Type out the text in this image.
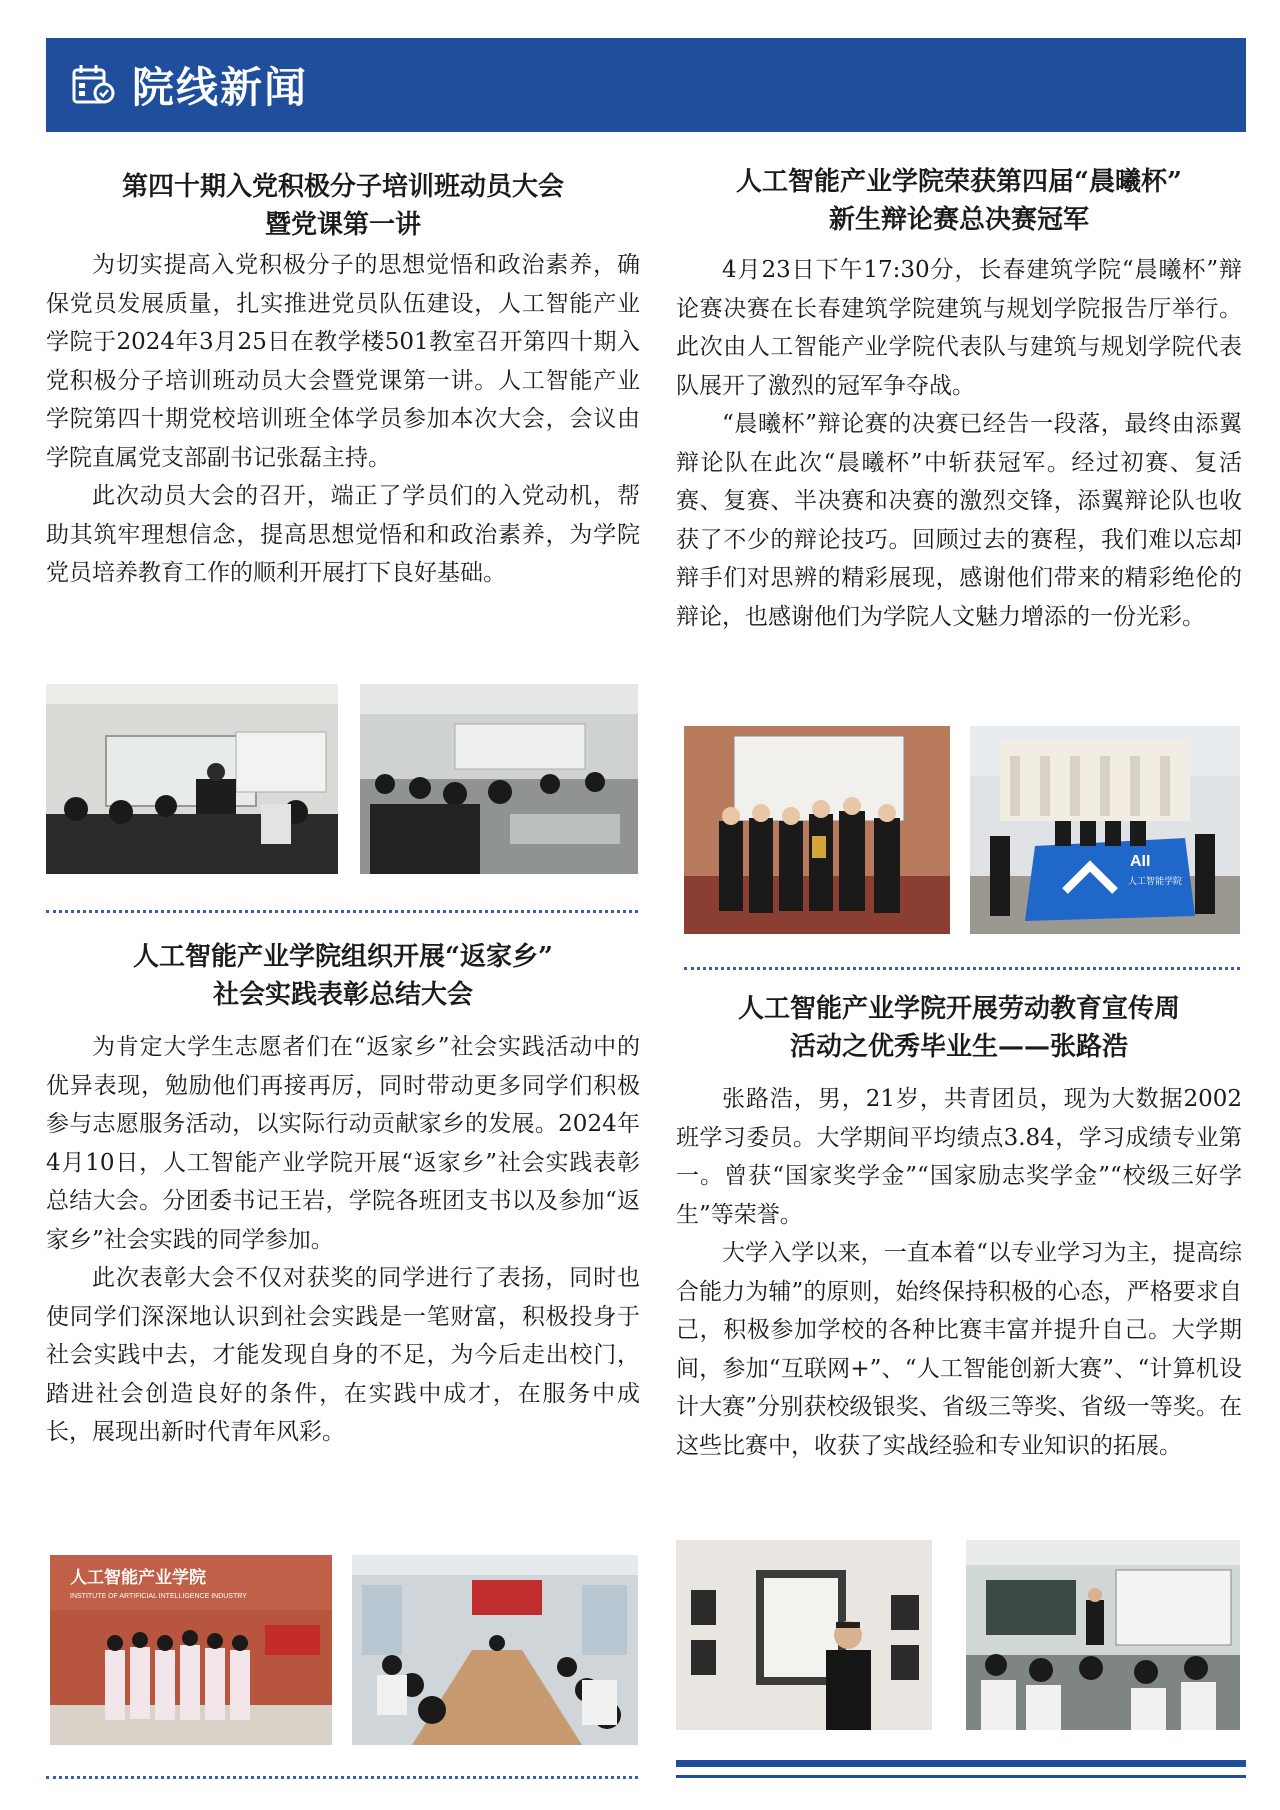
院线新闻
第四十期入党积极分子培训班动员大会
暨党课第一讲

为切实提高入党积极分子的思想觉悟和政治素养，确保党员发展质量，扎实推进党员队伍建设，人工智能产业学院于2024年3月25日在教学楼501教室召开第四十期入党积极分子培训班动员大会暨党课第一讲。人工智能产业学院第四十期党校培训班全体学员参加本次大会，会议由学院直属党支部副书记张磊主持。

此次动员大会的召开，端正了学员们的入党动机，帮助其筑牢理想信念，提高思想觉悟和和政治素养，为学院党员培养教育工作的顺利开展打下良好基础。

人工智能产业学院荣获第四届“晨曦杯”
新生辩论赛总决赛冠军

4月23日下午17:30分，长春建筑学院“晨曦杯”辩论赛决赛在长春建筑学院建筑与规划学院报告厅举行。此次由人工智能产业学院代表队与建筑与规划学院代表队展开了激烈的冠军争夺战。

“晨曦杯”辩论赛的决赛已经告一段落，最终由添翼辩论队在此次“晨曦杯”中斩获冠军。经过初赛、复活赛、复赛、半决赛和决赛的激烈交锋，添翼辩论队也收获了不少的辩论技巧。回顾过去的赛程，我们难以忘却辩手们对思辨的精彩展现，感谢他们带来的精彩绝伦的辩论，也感谢他们为学院人文魅力增添的一份光彩。

AII
人工智能学院
人工智能产业学院组织开展“返家乡”
社会实践表彰总结大会

为肯定大学生志愿者们在“返家乡”社会实践活动中的优异表现，勉励他们再接再厉，同时带动更多同学们积极参与志愿服务活动，以实际行动贡献家乡的发展。2024年4月10日，人工智能产业学院开展“返家乡”社会实践表彰总结大会。分团委书记王岩，学院各班团支书以及参加“返家乡”社会实践的同学参加。

此次表彰大会不仅对获奖的同学进行了表扬，同时也使同学们深深地认识到社会实践是一笔财富，积极投身于社会实践中去，才能发现自身的不足，为今后走出校门，踏进社会创造良好的条件，在实践中成才，在服务中成长，展现出新时代青年风彩。

人工智能产业学院
INSTITUTE OF ARTIFICIAL INTELLIGENCE INDUSTRY
人工智能产业学院开展劳动教育宣传周
活动之优秀毕业生——张路浩

张路浩，男，21岁，共青团员，现为大数据2002班学习委员。大学期间平均绩点3.84，学习成绩专业第一。曾获“国家奖学金”“国家励志奖学金”“校级三好学生”等荣誉。

大学入学以来，一直本着“以专业学习为主，提高综合能力为辅”的原则，始终保持积极的心态，严格要求自己，积极参加学校的各种比赛丰富并提升自己。大学期间，参加“互联网+”、“人工智能创新大赛”、“计算机设计大赛”分别获校级银奖、省级三等奖、省级一等奖。在这些比赛中，收获了实战经验和专业知识的拓展。
